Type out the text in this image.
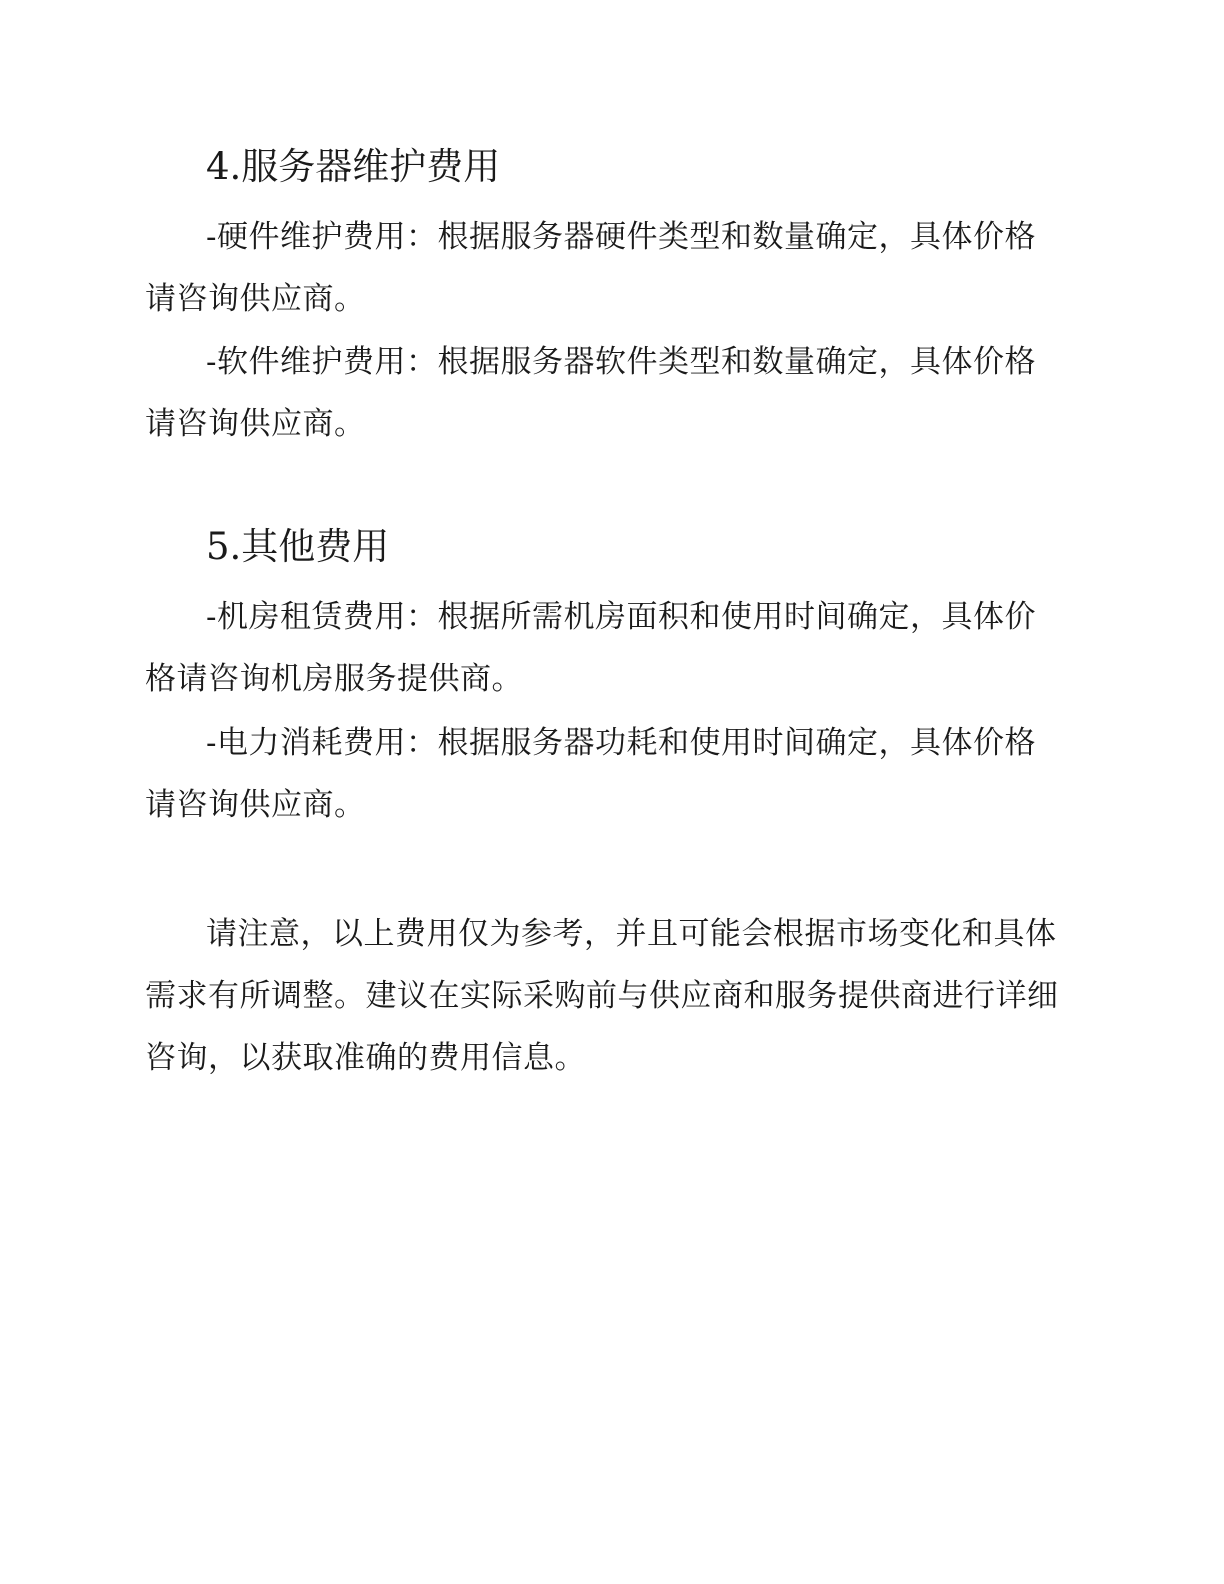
4.服务器维护费用
-硬件维护费用：根据服务器硬件类型和数量确定，具体价格
请咨询供应商。
-软件维护费用：根据服务器软件类型和数量确定，具体价格
请咨询供应商。
5.其他费用
-机房租赁费用：根据所需机房面积和使用时间确定，具体价
格请咨询机房服务提供商。
-电力消耗费用：根据服务器功耗和使用时间确定，具体价格
请咨询供应商。
请注意，以上费用仅为参考，并且可能会根据市场变化和具体
需求有所调整。建议在实际采购前与供应商和服务提供商进行详细
咨询，以获取准确的费用信息。
